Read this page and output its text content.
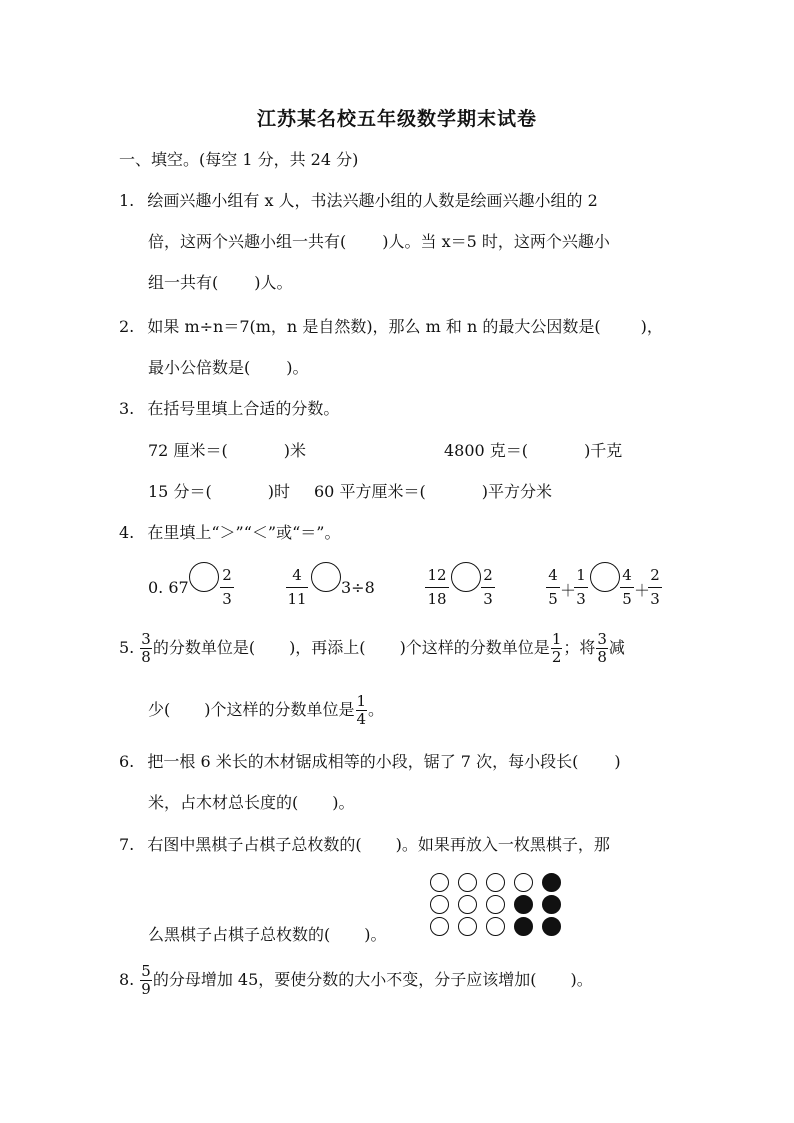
江苏某名校五年级数学期末试卷
一、填空。(每空 1 分，共 24 分)
1. 绘画兴趣小组有 x 人，书法兴趣小组的人数是绘画兴趣小组的 2
倍，这两个兴趣小组一共有( )人。当 x＝5 时，这两个兴趣小
组一共有( )人。
2. 如果 m÷n＝7(m，n 是自然数)，那么 m 和 n 的最大公因数是(	)，
最小公倍数是( )。
3. 在括号里填上合适的分数。
72 厘米＝(	)米	4800 克＝(	)千克
15 分＝(	)时 60 平方厘米＝(	)平方分米
4. 在里填上“＞”“＜”或“＝”。
0. $67 \frac{2}{3}$	$\frac{4}{11} 3\div 8$	$\frac{12}{18} \frac{2}{3}$	$\frac{4}{5}$ ＋
$\frac{1}{3} \frac{4}{5}$ ＋
$\frac{2}{3}$
5. $\frac{3}{8}$ 的分数单位是( )，再添上( )个这样的分数单位是 $\frac{1}{2}$ ；将 $\frac{3}{8}$ 减
少( )个这样的分数单位是 $\frac{1}{4}$ 。
6. 把一根 6 米长的木材锯成相等的小段，锯了 7 次，每小段长( )
米，占木材总长度的( )。
7. 右图中黑棋子占棋子总枚数的( )。如果再放入一枚黑棋子，那
么黑棋子占棋子总枚数的( )。
8. $\frac{5}{9}$ 的分母增加 45，要使分数的大小不变，分子应该增加( )。
